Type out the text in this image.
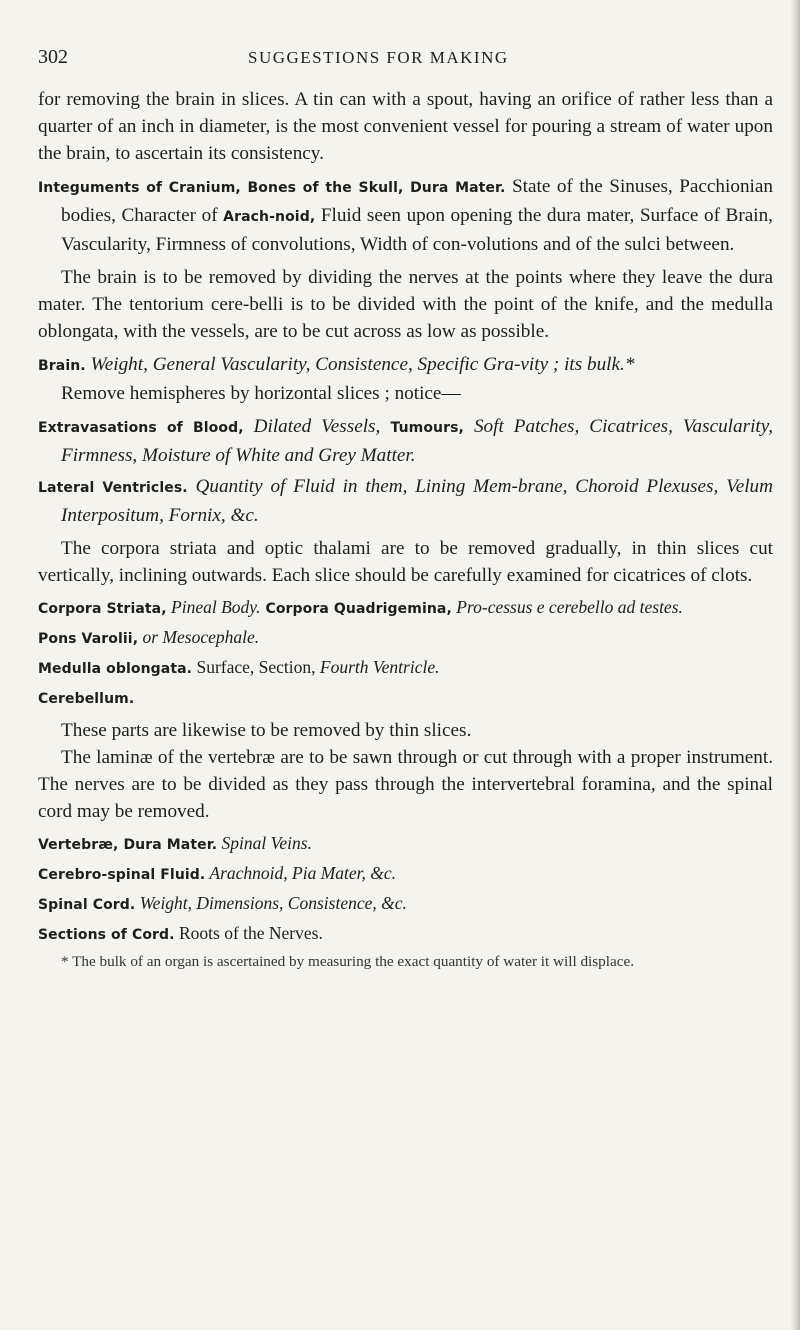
302	SUGGESTIONS FOR MAKING

for removing the brain in slices. A tin can with a spout, having an orifice of rather less than a quarter of an inch in diameter, is the most convenient vessel for pouring a stream of water upon the brain, to ascertain its consistency.

Integuments of Cranium, Bones of the Skull, Dura Mater. State of the Sinuses, Pacchionian bodies, Character of Arach-noid, Fluid seen upon opening the dura mater, Surface of Brain, Vascularity, Firmness of convolutions, Width of con-volutions and of the sulci between.

The brain is to be removed by dividing the nerves at the points where they leave the dura mater. The tentorium cere-belli is to be divided with the point of the knife, and the medulla oblongata, with the vessels, are to be cut across as low as possible.

Brain. Weight, General Vascularity, Consistence, Specific Gra-vity ; its bulk.*

Remove hemispheres by horizontal slices ; notice—

Extravasations of Blood, Dilated Vessels, Tumours, Soft Patches, Cicatrices, Vascularity, Firmness, Moisture of White and Grey Matter.

Lateral Ventricles. Quantity of Fluid in them, Lining Mem-brane, Choroid Plexuses, Velum Interpositum, Fornix, &c.

The corpora striata and optic thalami are to be removed gradually, in thin slices cut vertically, inclining outwards. Each slice should be carefully examined for cicatrices of clots.

Corpora Striata, Pineal Body. Corpora Quadrigemina, Pro-cessus e cerebello ad testes.

Pons Varolii, or Mesocephale.

Medulla oblongata. Surface, Section, Fourth Ventricle.

Cerebellum.

These parts are likewise to be removed by thin slices.

The laminæ of the vertebræ are to be sawn through or cut through with a proper instrument. The nerves are to be divided as they pass through the intervertebral foramina, and the spinal cord may be removed.

Vertebræ, Dura Mater. Spinal Veins.

Cerebro-spinal Fluid. Arachnoid, Pia Mater, &c.

Spinal Cord. Weight, Dimensions, Consistence, &c.

Sections of Cord. Roots of the Nerves.

* The bulk of an organ is ascertained by measuring the exact quantity of water it will displace.
